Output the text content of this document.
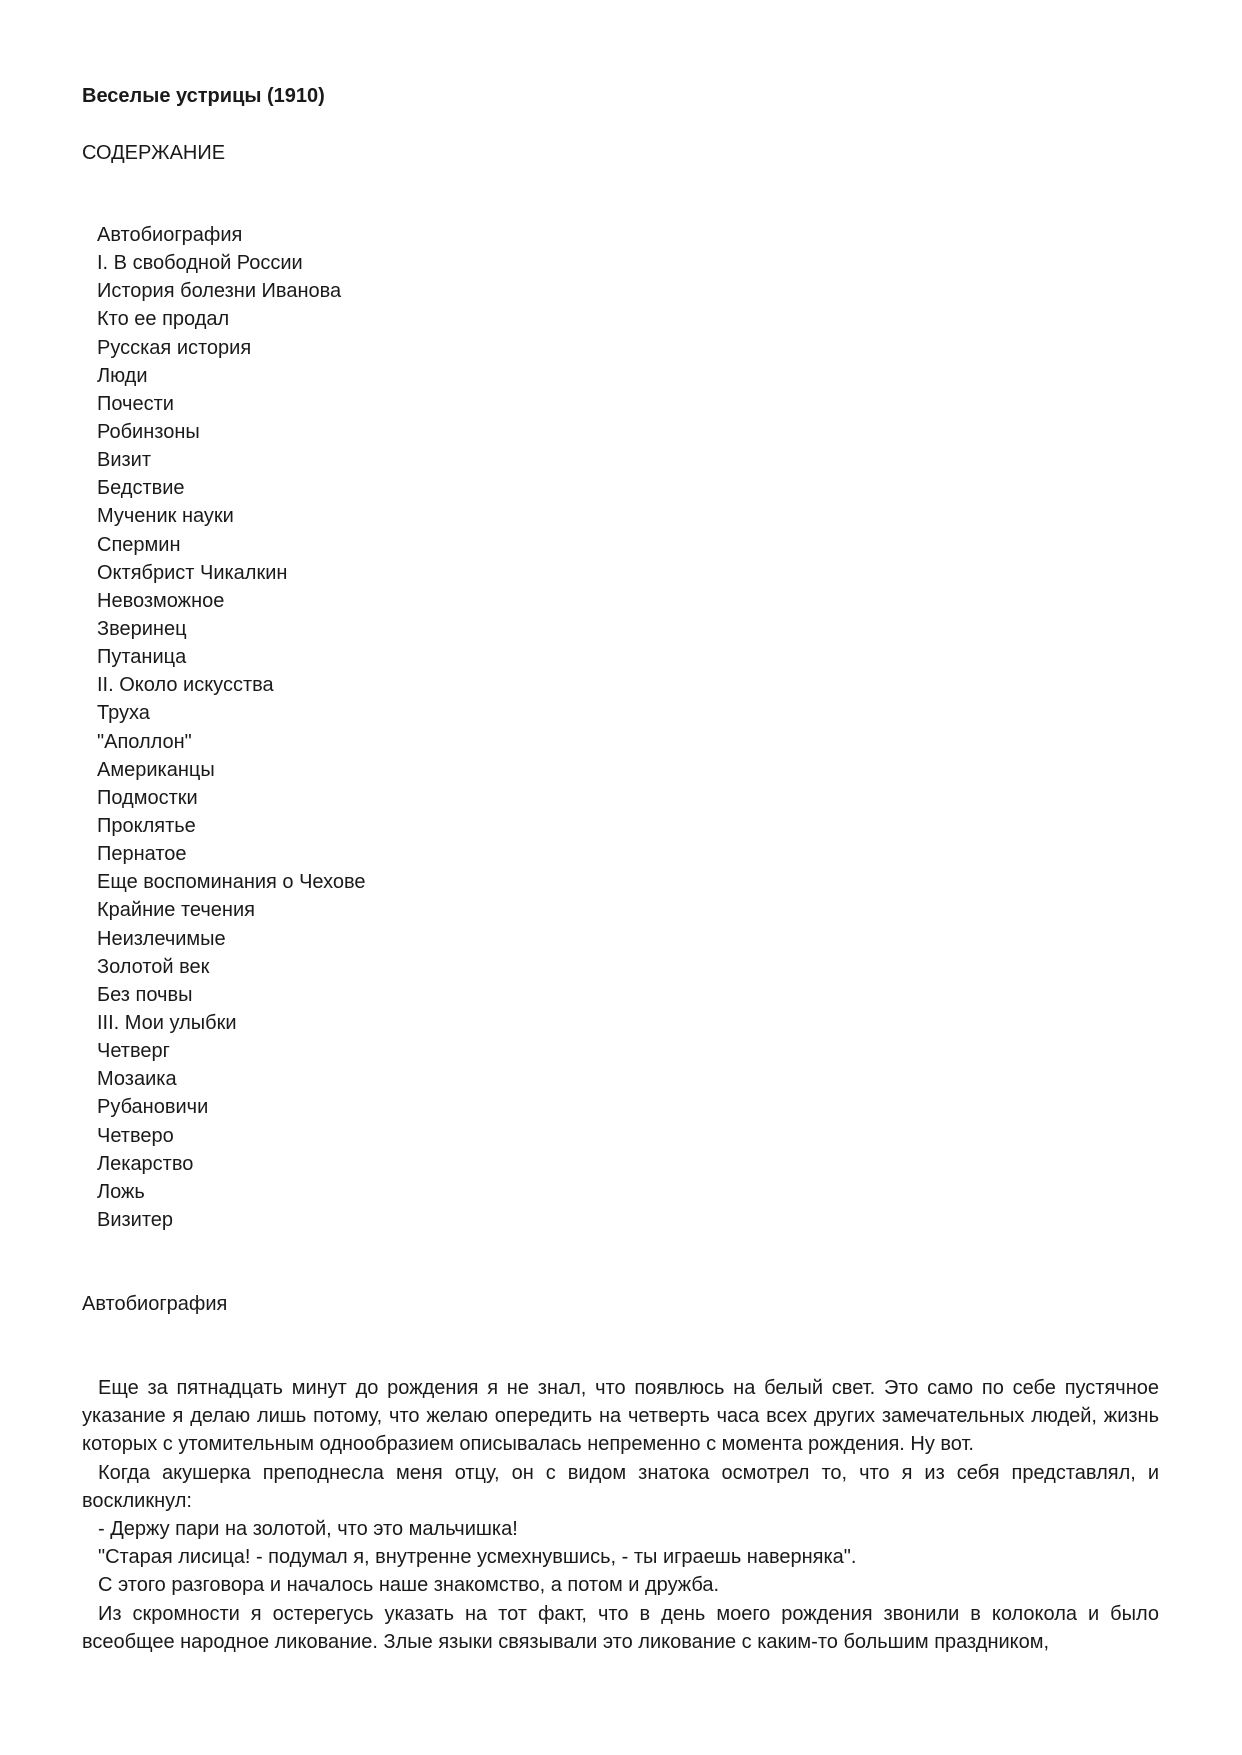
Веселые устрицы (1910)
СОДЕРЖАНИЕ
Автобиография
I. В свободной России
История болезни Иванова
Кто ее продал
Русская история
Люди
Почести
Робинзоны
Визит
Бедствие
Мученик науки
Спермин
Октябрист Чикалкин
Невозможное
Зверинец
Путаница
II. Около искусства
Труха
"Аполлон"
Американцы
Подмостки
Проклятье
Пернатое
Еще воспоминания о Чехове
Крайние течения
Неизлечимые
Золотой век
Без почвы
III. Мои улыбки
Четверг
Мозаика
Рубановичи
Четверо
Лекарство
Ложь
Визитер
Автобиография

Еще за пятнадцать минут до рождения я не знал, что появлюсь на белый свет. Это само по себе пустячное указание я делаю лишь потому, что желаю опередить на четверть часа всех других замечательных людей, жизнь которых с утомительным однообразием описывалась непременно с момента рождения. Ну вот.

Когда акушерка преподнесла меня отцу, он с видом знатока осмотрел то, что я из себя представлял, и воскликнул:

- Держу пари на золотой, что это мальчишка!

"Старая лисица! - подумал я, внутренне усмехнувшись, - ты играешь наверняка".

С этого разговора и началось наше знакомство, а потом и дружба.

Из скромности я остерегусь указать на тот факт, что в день моего рождения звонили в колокола и было всеобщее народное ликование. Злые языки связывали это ликование с каким-то большим праздником,
